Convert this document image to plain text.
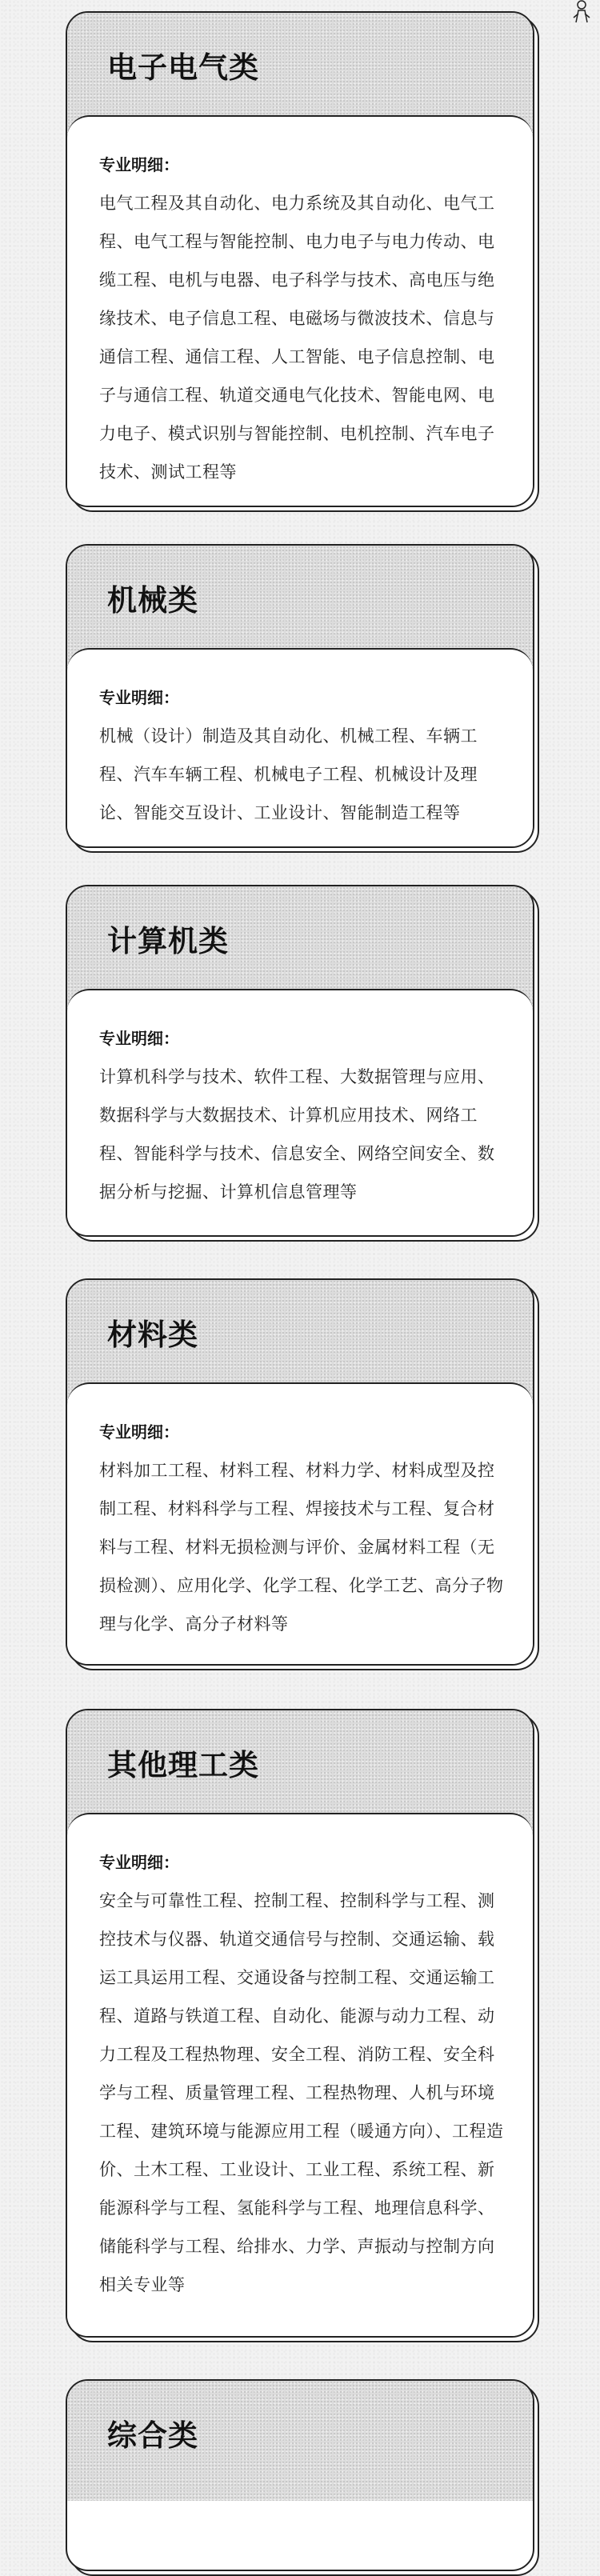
电子电气类
专业明细：
电气工程及其自动化、电力系统及其自动化、电气工程、电气工程与智能控制、电力电子与电力传动、电缆工程、电机与电器、电子科学与技术、高电压与绝缘技术、电子信息工程、电磁场与微波技术、信息与通信工程、通信工程、人工智能、电子信息控制、电子与通信工程、轨道交通电气化技术、智能电网、电力电子、模式识别与智能控制、电机控制、汽车电子技术、测试工程等
机械类
专业明细：
机械（设计）制造及其自动化、机械工程、车辆工程、汽车车辆工程、机械电子工程、机械设计及理论、智能交互设计、工业设计、智能制造工程等
计算机类
专业明细：
计算机科学与技术、软件工程、大数据管理与应用、数据科学与大数据技术、计算机应用技术、网络工程、智能科学与技术、信息安全、网络空间安全、数据分析与挖掘、计算机信息管理等
材料类
专业明细：
材料加工工程、材料工程、材料力学、材料成型及控制工程、材料科学与工程、焊接技术与工程、复合材料与工程、材料无损检测与评价、金属材料工程（无损检测）、应用化学、化学工程、化学工艺、高分子物理与化学、高分子材料等
其他理工类
专业明细：
安全与可靠性工程、控制工程、控制科学与工程、测控技术与仪器、轨道交通信号与控制、交通运输、载运工具运用工程、交通设备与控制工程、交通运输工程、道路与铁道工程、自动化、能源与动力工程、动力工程及工程热物理、安全工程、消防工程、安全科学与工程、质量管理工程、工程热物理、人机与环境工程、建筑环境与能源应用工程（暖通方向）、工程造价、土木工程、工业设计、工业工程、系统工程、新能源科学与工程、氢能科学与工程、地理信息科学、储能科学与工程、给排水、力学、声振动与控制方向相关专业等
综合类
